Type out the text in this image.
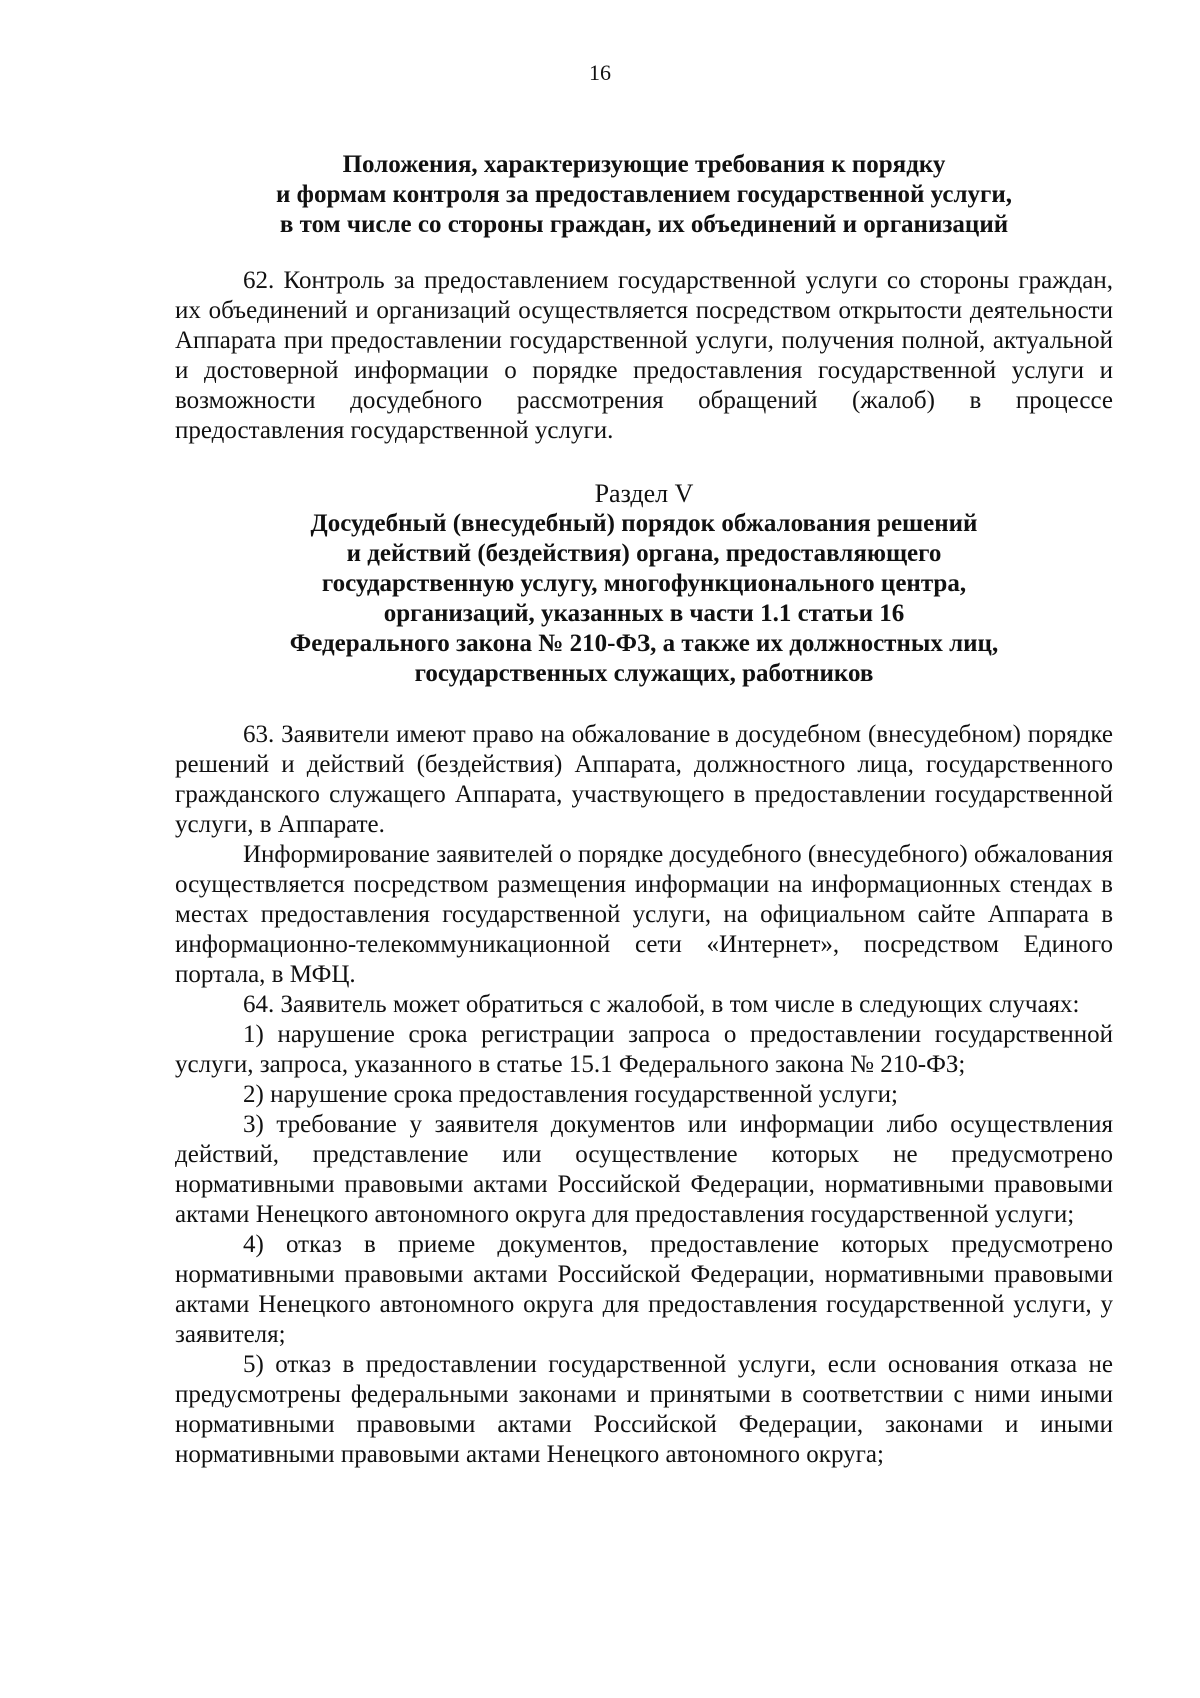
16
Положения, характеризующие требования к порядку
и формам контроля за предоставлением государственной услуги,
в том числе со стороны граждан, их объединений и организаций

62. Контроль за предоставлением государственной услуги со стороны граждан, их объединений и организаций осуществляется посредством открытости деятельности Аппарата при предоставлении государственной услуги, получения полной, актуальной и достоверной информации о порядке предоставления государственной услуги и возможности досудебного рассмотрения обращений (жалоб) в процессе предоставления государственной услуги.

Раздел V
Досудебный (внесудебный) порядок обжалования решений
и действий (бездействия) органа, предоставляющего
государственную услугу, многофункционального центра,
организаций, указанных в части 1.1 статьи 16
Федерального закона № 210-ФЗ, а также их должностных лиц,
государственных служащих, работников

63. Заявители имеют право на обжалование в досудебном (внесудебном) порядке решений и действий (бездействия) Аппарата, должностного лица, государственного гражданского служащего Аппарата, участвующего в предоставлении государственной услуги, в Аппарате.

Информирование заявителей о порядке досудебного (внесудебного) обжалования осуществляется посредством размещения информации на информационных стендах в местах предоставления государственной услуги, на официальном сайте Аппарата в информационно-телекоммуникационной сети «Интернет», посредством Единого портала, в МФЦ.

64. Заявитель может обратиться с жалобой, в том числе в следующих случаях:

1) нарушение срока регистрации запроса о предоставлении государственной услуги, запроса, указанного в статье 15.1 Федерального закона № 210-ФЗ;

2) нарушение срока предоставления государственной услуги;

3) требование у заявителя документов или информации либо осуществления действий, представление или осуществление которых не предусмотрено нормативными правовыми актами Российской Федерации, нормативными правовыми актами Ненецкого автономного округа для предоставления государственной услуги;

4) отказ в приеме документов, предоставление которых предусмотрено нормативными правовыми актами Российской Федерации, нормативными правовыми актами Ненецкого автономного округа для предоставления государственной услуги, у заявителя;

5) отказ в предоставлении государственной услуги, если основания отказа не предусмотрены федеральными законами и принятыми в соответствии с ними иными нормативными правовыми актами Российской Федерации, законами и иными нормативными правовыми актами Ненецкого автономного округа;
